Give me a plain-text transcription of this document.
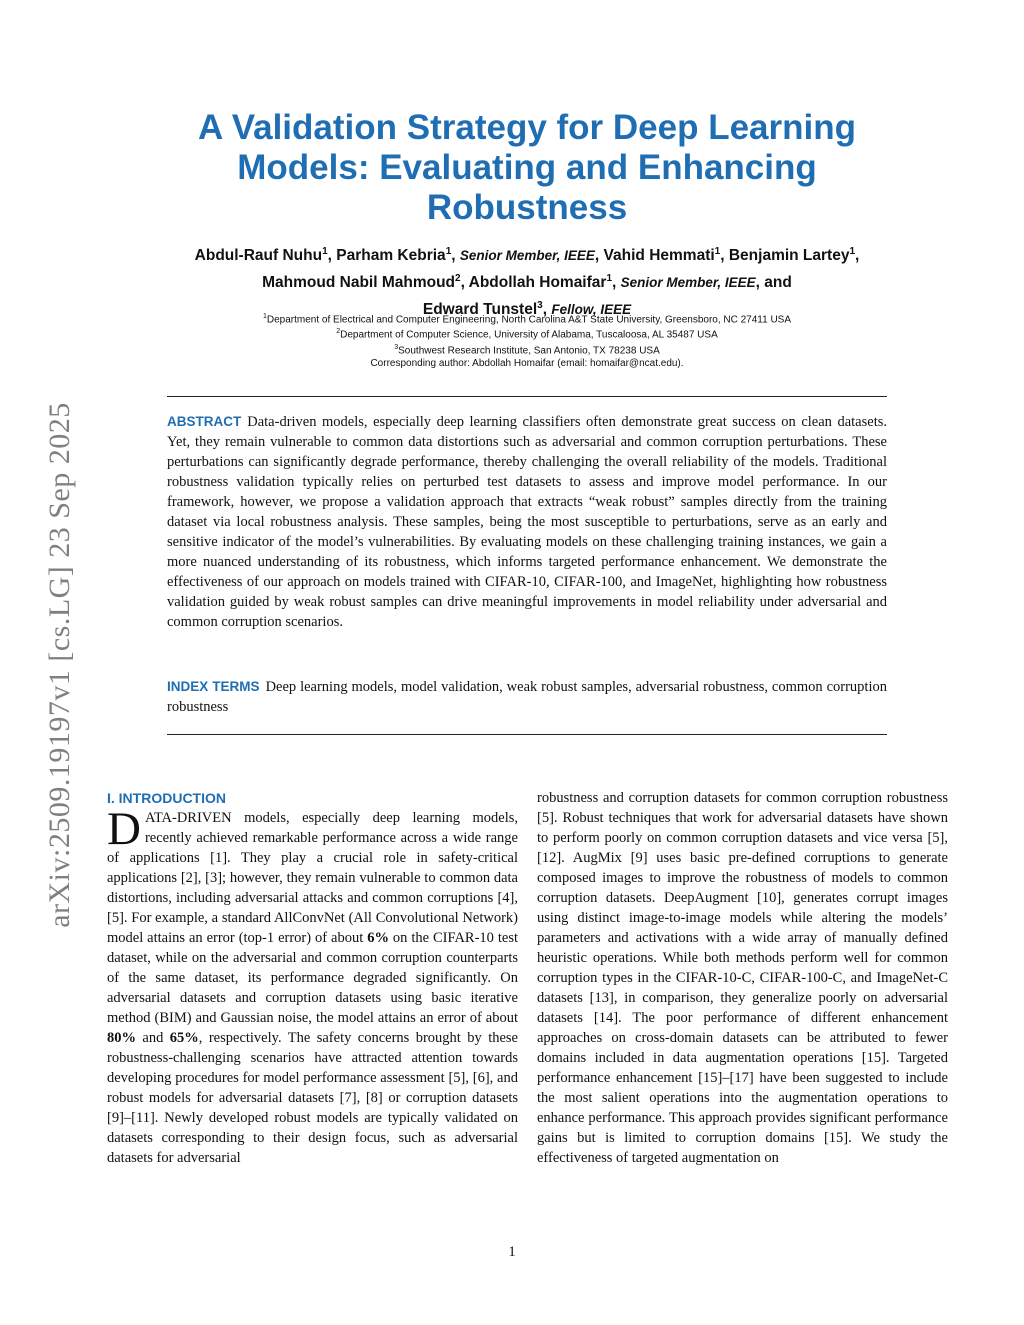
arXiv:2509.19197v1 [cs.LG] 23 Sep 2025
A Validation Strategy for Deep Learning Models: Evaluating and Enhancing Robustness

Abdul-Rauf Nuhu$^1$, Parham Kebria$^1$, Senior Member, IEEE, Vahid Hemmati$^1$, Benjamin Lartey$^1$, Mahmoud Nabil Mahmoud$^2$, Abdollah Homaifar$^1$, Senior Member, IEEE, and
Edward Tunstel$^3$, Fellow, IEEE

$^1$Department of Electrical and Computer Engineering, North Carolina A&T State University, Greensboro, NC 27411 USA
$^2$Department of Computer Science, University of Alabama, Tuscaloosa, AL 35487 USA
$^3$Southwest Research Institute, San Antonio, TX 78238 USA
Corresponding author: Abdollah Homaifar (email: homaifar@ncat.edu).

ABSTRACT Data-driven models, especially deep learning classifiers often demonstrate great success on clean datasets. Yet, they remain vulnerable to common data distortions such as adversarial and common corruption perturbations. These perturbations can significantly degrade performance, thereby challenging the overall reliability of the models. Traditional robustness validation typically relies on perturbed test datasets to assess and improve model performance. In our framework, however, we propose a validation approach that extracts “weak robust” samples directly from the training dataset via local robustness analysis. These samples, being the most susceptible to perturbations, serve as an early and sensitive indicator of the model’s vulnerabilities. By evaluating models on these challenging training instances, we gain a more nuanced understanding of its robustness, which informs targeted performance enhancement. We demonstrate the effectiveness of our approach on models trained with CIFAR-10, CIFAR-100, and ImageNet, highlighting how robustness validation guided by weak robust samples can drive meaningful improvements in model reliability under adversarial and common corruption scenarios.

INDEX TERMS Deep learning models, model validation, weak robust samples, adversarial robustness, common corruption robustness

I. INTRODUCTION

DATA-DRIVEN models, especially deep learning models, recently achieved remarkable performance across a wide range of applications [1]. They play a crucial role in safety-critical applications [2], [3]; however, they remain vulnerable to common data distortions, including adversarial attacks and common corruptions [4], [5]. For example, a standard AllConvNet (All Convolutional Network) model attains an error (top-1 error) of about 6% on the CIFAR-10 test dataset, while on the adversarial and common corruption counterparts of the same dataset, its performance degraded significantly. On adversarial datasets and corruption datasets using basic iterative method (BIM) and Gaussian noise, the model attains an error of about 80% and 65%, respectively. The safety concerns brought by these robustness-challenging scenarios have attracted attention towards developing procedures for model performance assessment [5], [6], and robust models for adversarial datasets [7], [8] or corruption datasets [9]–[11]. Newly developed robust models are typically validated on datasets corresponding to their design focus, such as adversarial datasets for adversarial

robustness and corruption datasets for common corruption robustness [5]. Robust techniques that work for adversarial datasets have shown to perform poorly on common corruption datasets and vice versa [5], [12]. AugMix [9] uses basic pre-defined corruptions to generate composed images to improve the robustness of models to common corruption datasets. DeepAugment [10], generates corrupt images using distinct image-to-image models while altering the models’ parameters and activations with a wide array of manually defined heuristic operations. While both methods perform well for common corruption types in the CIFAR-10-C, CIFAR-100-C, and ImageNet-C datasets [13], in comparison, they generalize poorly on adversarial datasets [14]. The poor performance of different enhancement approaches on cross-domain datasets can be attributed to fewer domains included in data augmentation operations [15]. Targeted performance enhancement [15]–[17] have been suggested to include the most salient operations into the augmentation operations to enhance performance. This approach provides significant performance gains but is limited to corruption domains [15]. We study the effectiveness of targeted augmentation on

1
